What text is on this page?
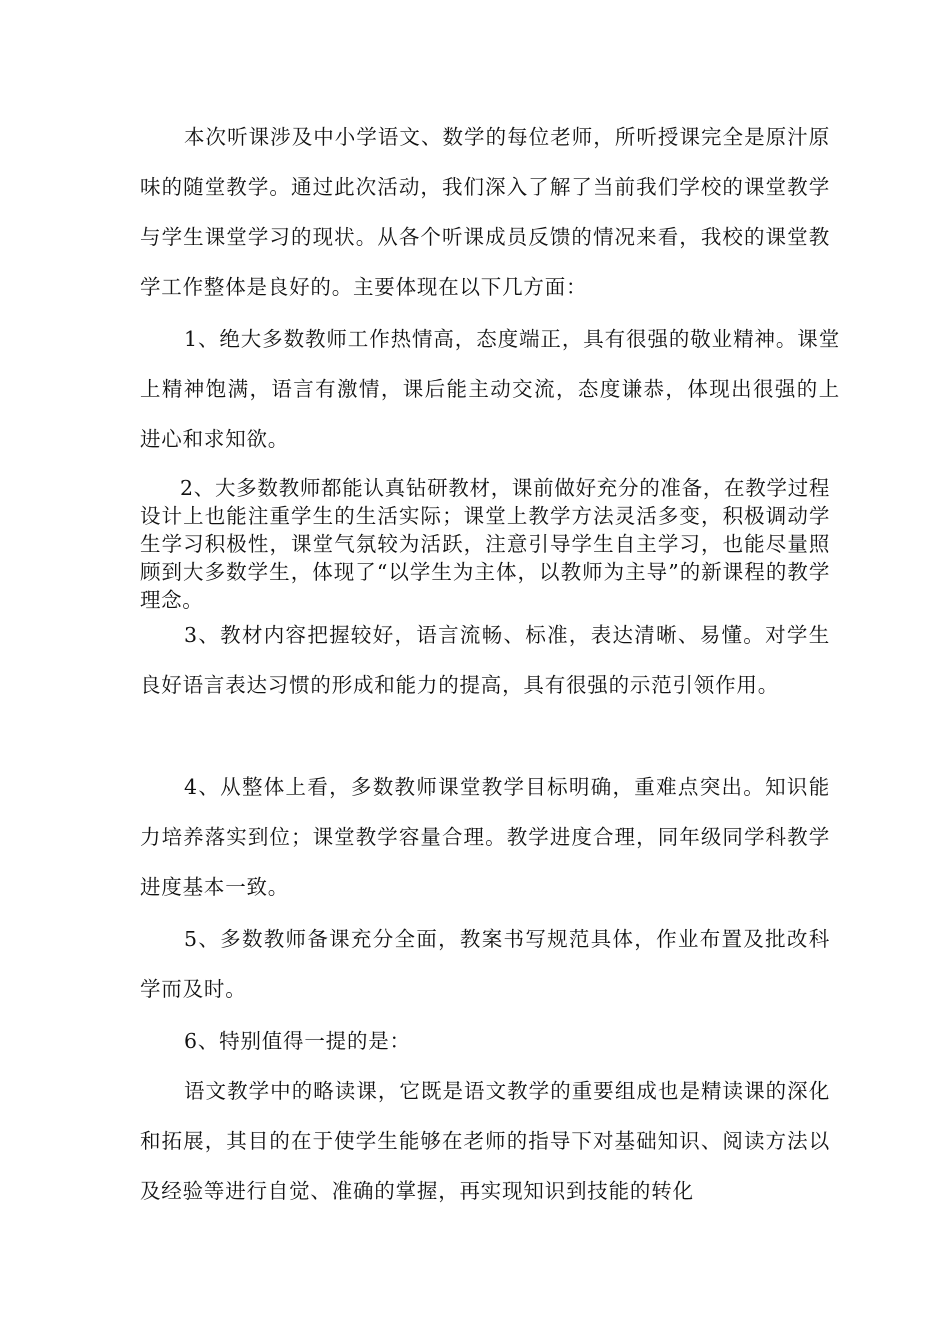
本次听课涉及中小学语文、数学的每位老师，所听授课完全是原汁原味的随堂教学。通过此次活动，我们深入了解了当前我们学校的课堂教学与学生课堂学习的现状。从各个听课成员反馈的情况来看，我校的课堂教学工作整体是良好的。主要体现在以下几方面：

1、绝大多数教师工作热情高，态度端正，具有很强的敬业精神。课堂上精神饱满，语言有激情，课后能主动交流，态度谦恭，体现出很强的上进心和求知欲。

2、大多数教师都能认真钻研教材，课前做好充分的准备，在教学过程设计上也能注重学生的生活实际；课堂上教学方法灵活多变，积极调动学生学习积极性，课堂气氛较为活跃，注意引导学生自主学习，也能尽量照顾到大多数学生，体现了“以学生为主体，以教师为主导”的新课程的教学理念。

3、教材内容把握较好，语言流畅、标准，表达清晰、易懂。对学生良好语言表达习惯的形成和能力的提高，具有很强的示范引领作用。

4、从整体上看，多数教师课堂教学目标明确，重难点突出。知识能力培养落实到位；课堂教学容量合理。教学进度合理，同年级同学科教学进度基本一致。

5、多数教师备课充分全面，教案书写规范具体，作业布置及批改科学而及时。

6、特别值得一提的是：

语文教学中的略读课，它既是语文教学的重要组成也是精读课的深化和拓展，其目的在于使学生能够在老师的指导下对基础知识、阅读方法以及经验等进行自觉、准确的掌握，再实现知识到技能的转化
